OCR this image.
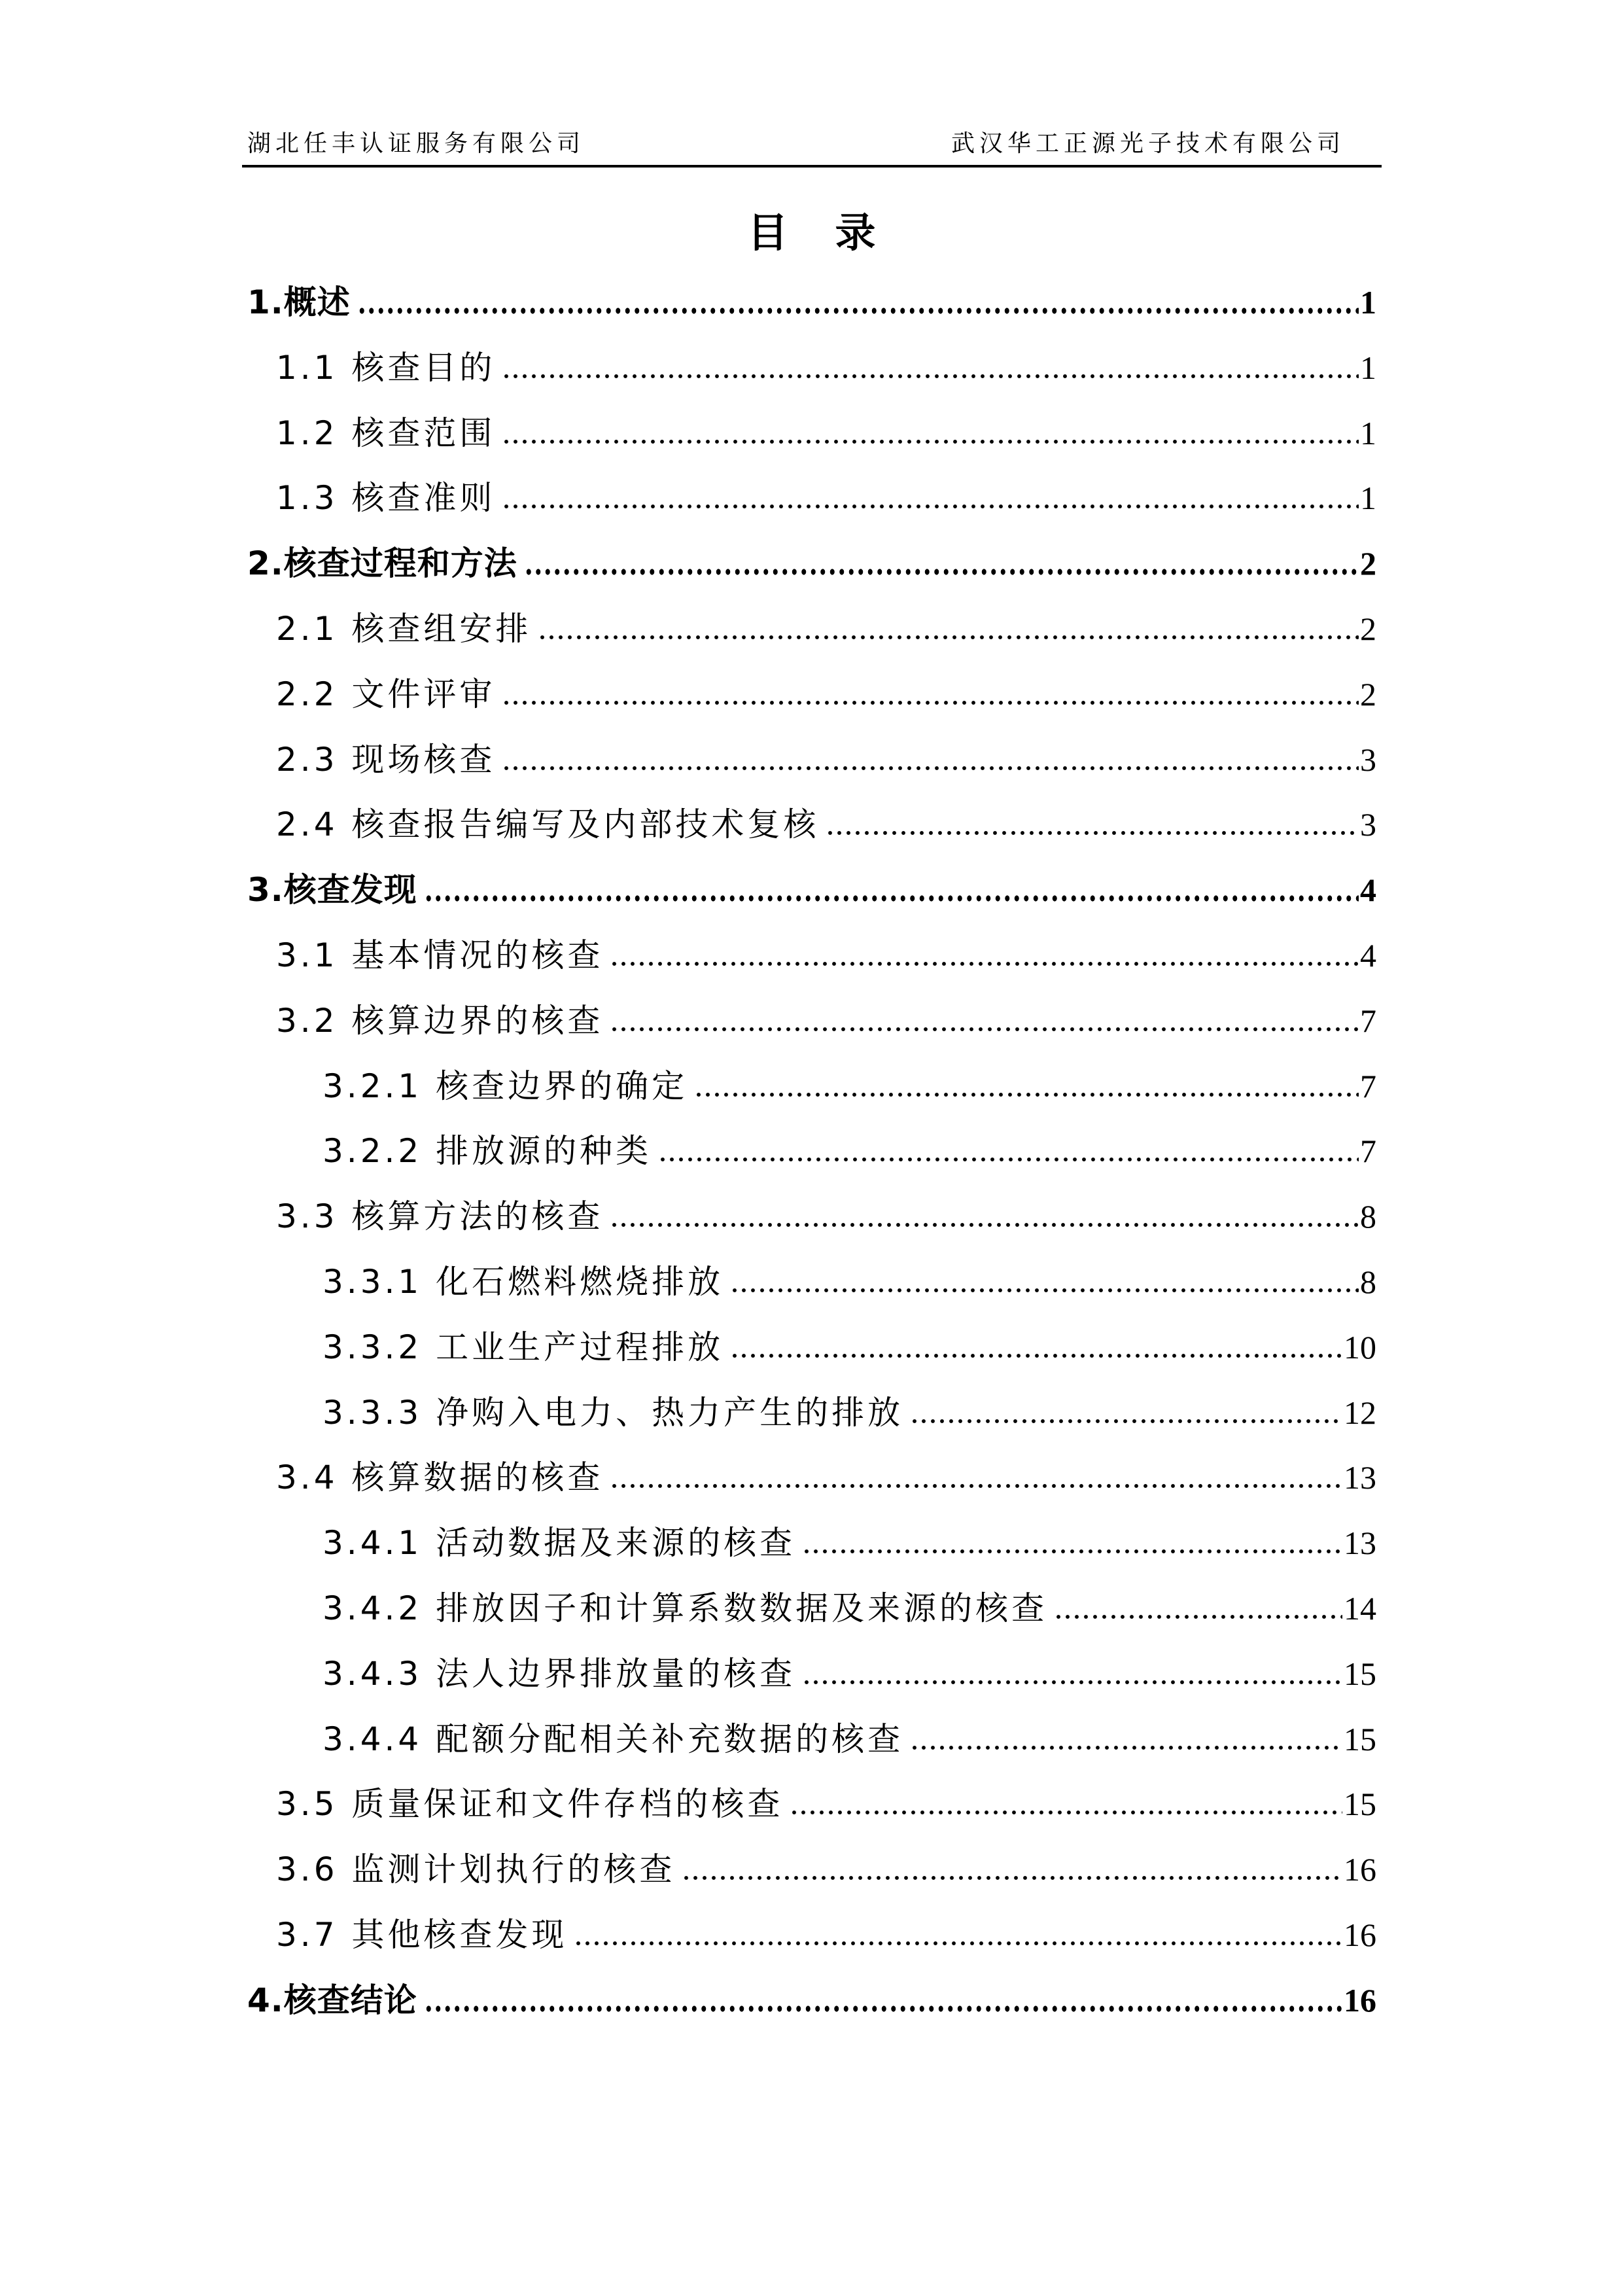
湖北任丰认证服务有限公司	武汉华工正源光子技术有限公司
目录
1.概述	1
1.1 核查目的	1
1.2 核查范围	1
1.3 核查准则	1
2.核查过程和方法	2
2.1 核查组安排	2
2.2 文件评审	2
2.3 现场核查	3
2.4 核查报告编写及内部技术复核	3
3.核查发现	4
3.1 基本情况的核查	4
3.2 核算边界的核查	7
3.2.1 核查边界的确定	7
3.2.2 排放源的种类	7
3.3 核算方法的核查	8
3.3.1 化石燃料燃烧排放	8
3.3.2 工业生产过程排放	10
3.3.3 净购入电力、热力产生的排放	12
3.4 核算数据的核查	13
3.4.1 活动数据及来源的核查	13
3.4.2 排放因子和计算系数数据及来源的核查	14
3.4.3 法人边界排放量的核查	15
3.4.4 配额分配相关补充数据的核查	15
3.5 质量保证和文件存档的核查	15
3.6 监测计划执行的核查	16
3.7 其他核查发现	16
4.核查结论	16
